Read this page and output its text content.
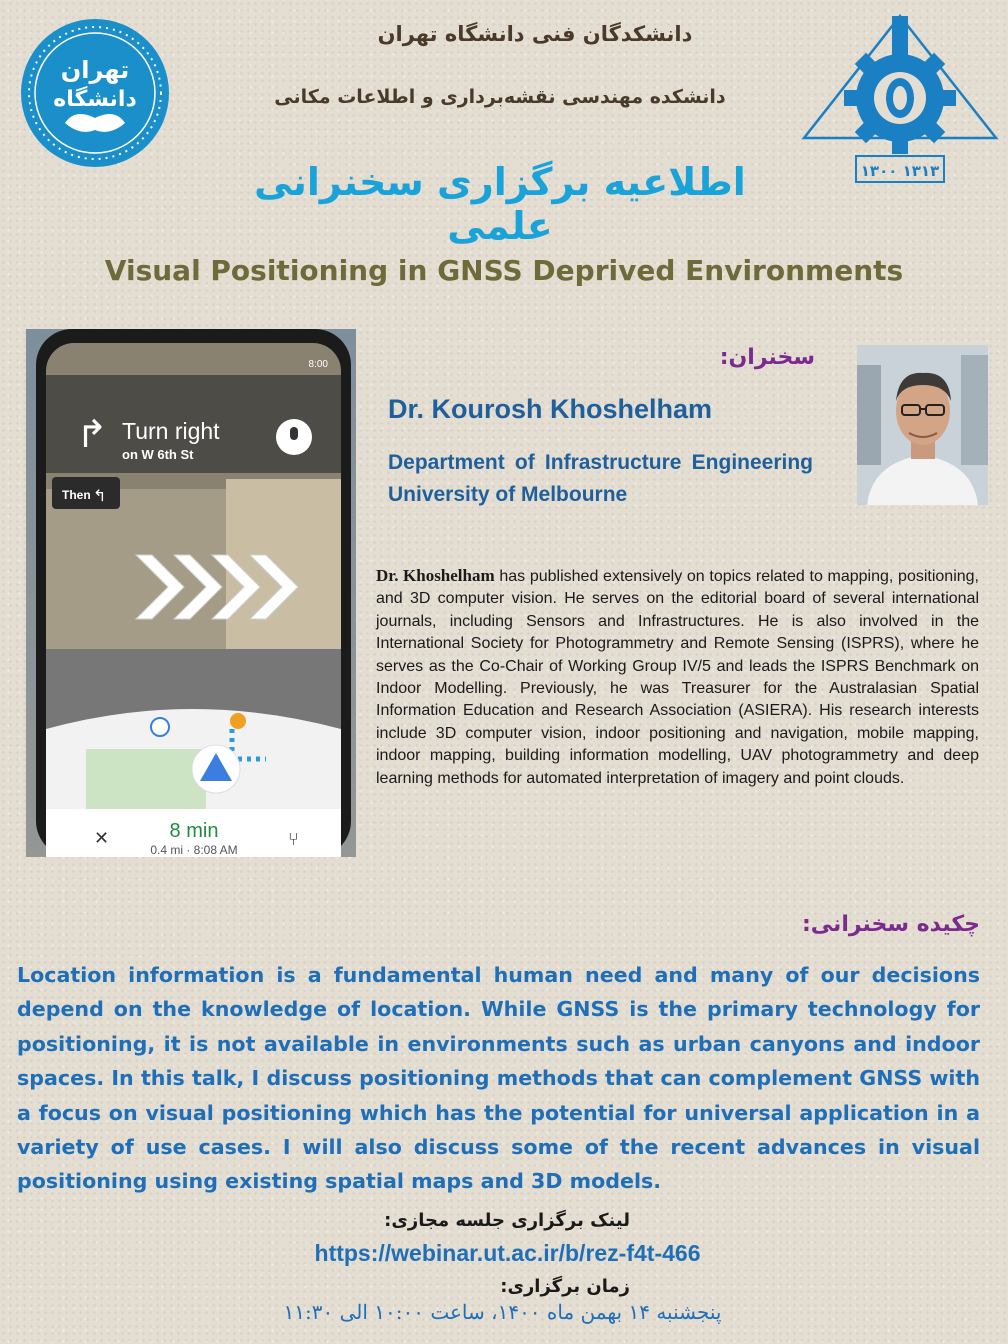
تهران
دانشگاه
۱۳۰۰ ۱۳۱۳
دانشکدگان فنی دانشگاه تهران
دانشکده مهندسی نقشه‌برداری و اطلاعات مکانی
اطلاعیه برگزاری سخنرانی علمی
Visual Positioning in GNSS Deprived Environments
8:00
↱ Turn right
on W 6th St
Then ↰
✕	8 min
0.4 mi · 8:08 AM	⑂
سخنران:
Dr. Kourosh Khoshelham
Department of Infrastructure Engineering University of Melbourne
Dr. Khoshelham has published extensively on topics related to mapping, positioning, and 3D computer vision. He serves on the editorial board of several international journals, including Sensors and Infrastructures. He is also involved in the International Society for Photogrammetry and Remote Sensing (ISPRS), where he serves as the Co-Chair of Working Group IV/5 and leads the ISPRS Benchmark on Indoor Modelling. Previously, he was Treasurer for the Australasian Spatial Information Education and Research Association (ASIERA). His research interests include 3D computer vision, indoor positioning and navigation, mobile mapping, indoor mapping, building information modelling, UAV photogrammetry and deep learning methods for automated interpretation of imagery and point clouds.
چکیده سخنرانی:
Location information is a fundamental human need and many of our decisions depend on the knowledge of location. While GNSS is the primary technology for positioning, it is not available in environments such as urban canyons and indoor spaces. In this talk, I discuss positioning methods that can complement GNSS with a focus on visual positioning which has the potential for universal application in a variety of use cases. I will also discuss some of the recent advances in visual positioning using existing spatial maps and 3D models.
لینک برگزاری جلسه مجازی:
https://webinar.ut.ac.ir/b/rez-f4t-466
زمان برگزاری:
پنجشنبه ۱۴ بهمن ماه ۱۴۰۰، ساعت ۱۰:۰۰ الی ۱۱:۳۰
